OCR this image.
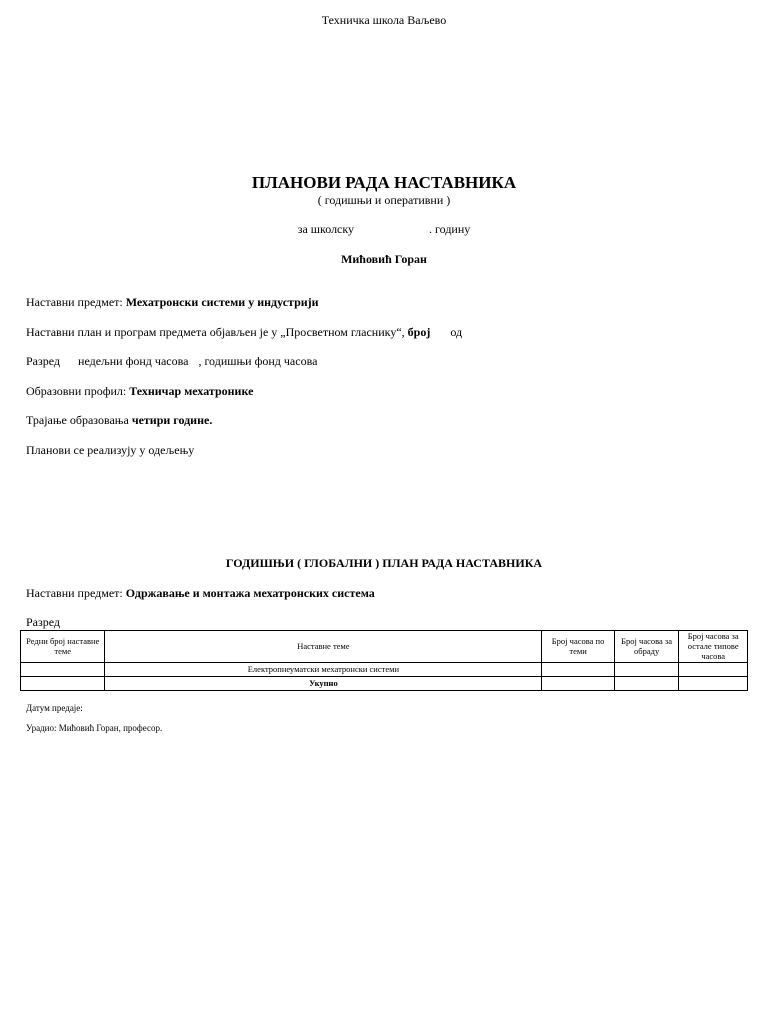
Техничка школа Ваљево
ПЛАНОВИ РАДА НАСТАВНИКА
( годишњи и оперативни )
за школску	. годину
Мићовић Горан
Наставни предмет: Мехатронски системи у индустрији
Наставни план и програм предмета објављен је у „Просветном гласнику“, број од
Разред недељни фонд часова , годишњи фонд часова
Образовни профил: Техничар мехатронике
Трајање образовања четири године.
Планови се реализују у одељењу
ГОДИШЊИ ( ГЛОБАЛНИ ) ПЛАН РАДА НАСТАВНИКА
Наставни предмет: Одржавање и монтажа мехатронских система
Разред
Редни број наставне теме	Наставне теме	Број часова по теми	Број часова за обраду	Број часова за остале типове часова
	Електропнеуматски мехатронски системи			
	Укупно			
Датум предаје:
Урадио: Мићовић Горан, професор.
